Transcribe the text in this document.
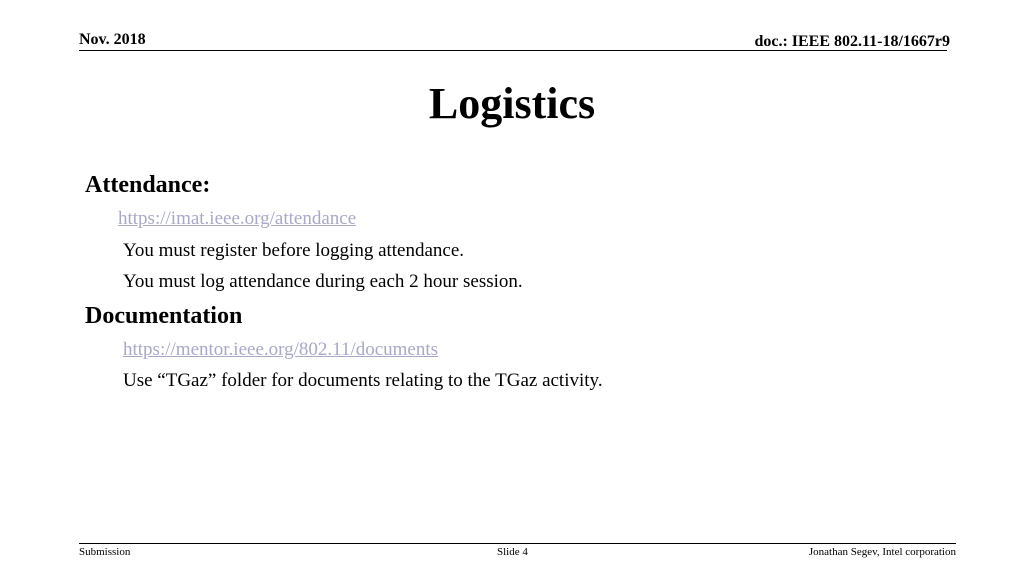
Nov. 2018	doc.: IEEE 802.11-18/1667r9
Logistics
Attendance:
https://imat.ieee.org/attendance
You must register before logging attendance.
You must log attendance during each 2 hour session.
Documentation
https://mentor.ieee.org/802.11/documents
Use “TGaz” folder for documents relating to the TGaz activity.
Submission	Slide 4	Jonathan Segev, Intel corporation
